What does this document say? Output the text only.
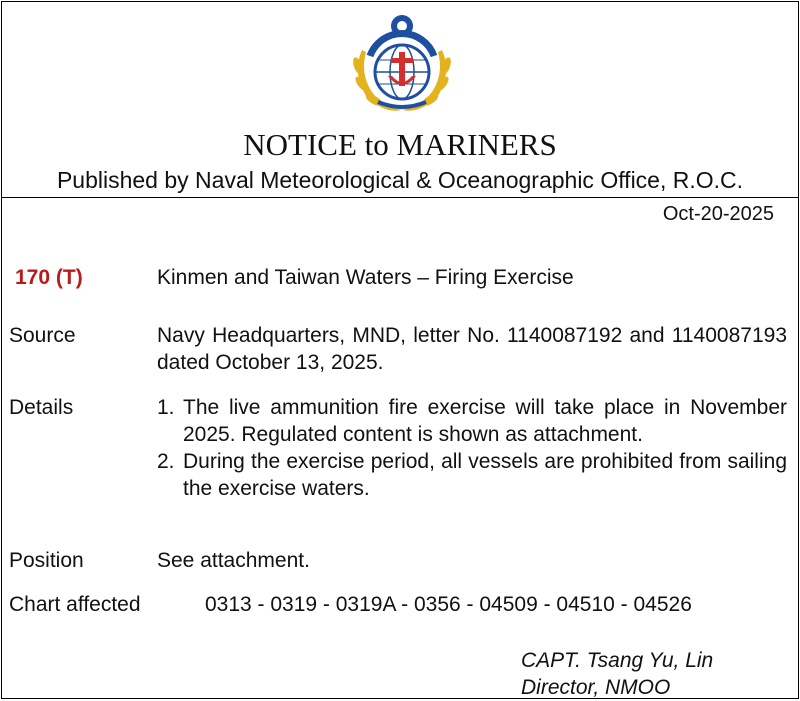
NOTICE to MARINERS
Published by Naval Meteorological & Oceanographic Office, R.O.C.
Oct-20-2025
170 (T)	Kinmen and Taiwan Waters – Firing Exercise
Source	Navy Headquarters, MND, letter No. 1140087192 and 1140087193 dated October 13, 2025.
Details	1. The live ammunition fire exercise will take place in November 2025. Regulated content is shown as attachment.
2. During the exercise period, all vessels are prohibited from sailing the exercise waters.
Position	See attachment.
Chart affected	0313 - 0319 - 0319A - 0356 - 04509 - 04510 - 04526
CAPT. Tsang Yu, Lin
Director, NMOO
